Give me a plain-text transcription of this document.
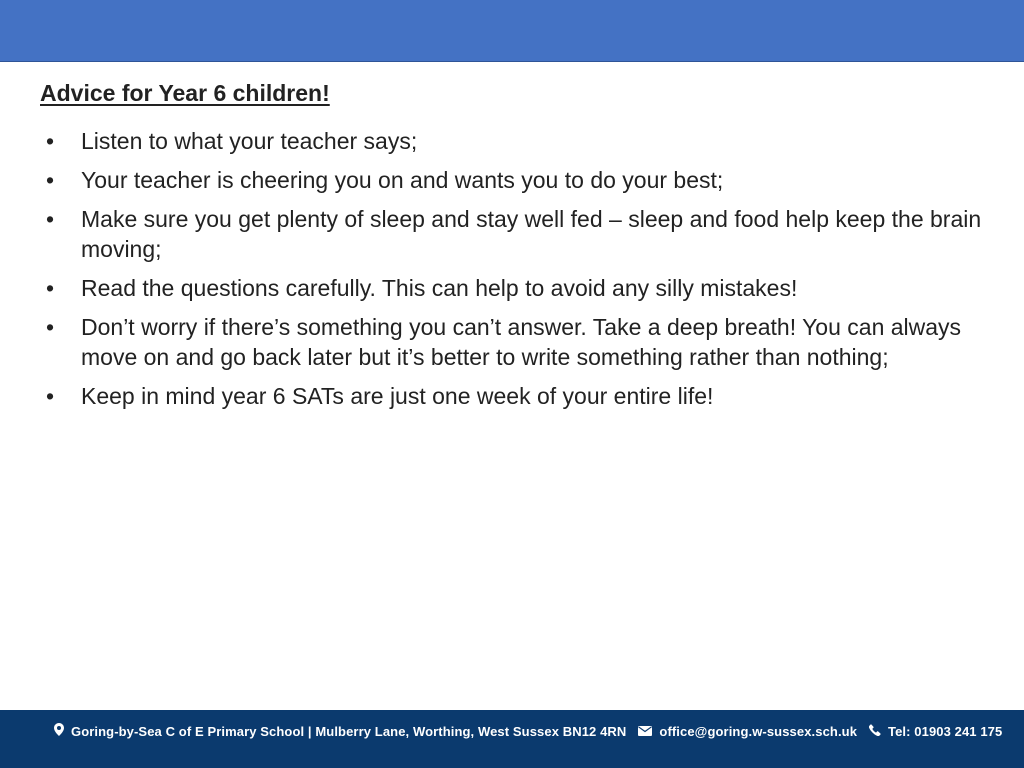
Advice for Year 6 children!
• Listen to what your teacher says;
• Your teacher is cheering you on and wants you to do your best;
• Make sure you get plenty of sleep and stay well fed – sleep and food help keep the brain moving;
• Read the questions carefully. This can help to avoid any silly mistakes!
• Don’t worry if there’s something you can’t answer. Take a deep breath! You can always move on and go back later but it’s better to write something rather than nothing;
• Keep in mind year 6 SATs are just one week of your entire life!
Goring-by-Sea C of E Primary School | Mulberry Lane, Worthing, West Sussex BN12 4RN	office@goring.w-sussex.sch.uk Tel: 01903 241 175
